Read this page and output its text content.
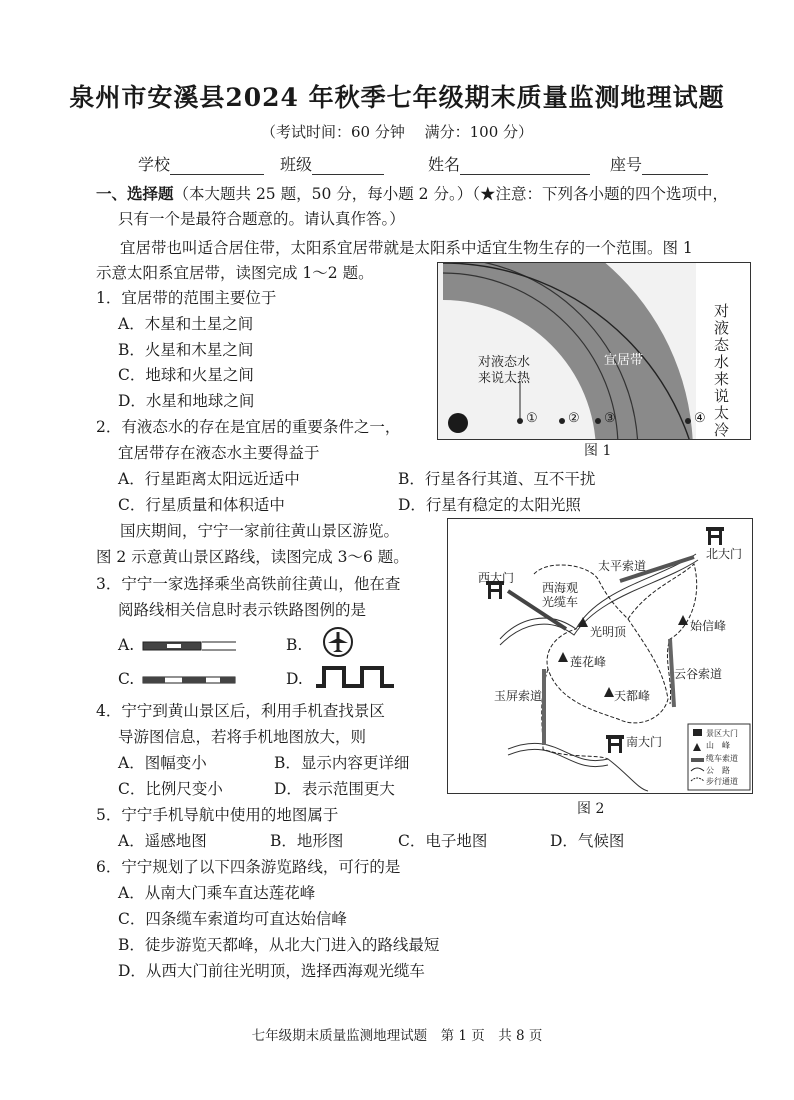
泉州市安溪县2024 年秋季七年级期末质量监测地理试题
（考试时间：60 分钟　 满分：100 分）
学校	班级	姓名	座号
一、选择题（本大题共 25 题，50 分，每小题 2 分。）（★注意：下列各小题的四个选项中，
只有一个是最符合题意的。请认真作答。）
宜居带也叫适合居住带，太阳系宜居带就是太阳系中适宜生物生存的一个范围。图 1
示意太阳系宜居带，读图完成 1～2 题。
对液态水
来说太热
宜居带
① ② ③	④
对
液
态
水
来
说
太
冷
图 1
1．宜居带的范围主要位于
A．木星和土星之间
B．火星和木星之间
C．地球和火星之间
D．水星和地球之间
2．有液态水的存在是宜居的重要条件之一，
宜居带存在液态水主要得益于
A．行星距离太阳远近适中	B．行星各行其道、互不干扰
C．行星质量和体积适中	D．行星有稳定的太阳光照
国庆期间，宁宁一家前往黄山景区游览。
图 2 示意黄山景区路线，读图完成 3～6 题。	北大门
西大门
南大门
太平索道
西海观
光缆车
光明顶	始信峰
莲花峰
云谷索道
玉屏索道	天都峰
景区大门
山　峰
缆车索道
公　路
步行通道
图 2
3．宁宁一家选择乘坐高铁前往黄山，他在查
阅路线相关信息时表示铁路图例的是
A.	B.
C.	D.
4．宁宁到黄山景区后，利用手机查找景区
导游图信息，若将手机地图放大，则
A．图幅变小	B．显示内容更详细
C．比例尺变小	D．表示范围更大
5．宁宁手机导航中使用的地图属于
A．遥感地图	B．地形图	C．电子地图	D．气候图
6．宁宁规划了以下四条游览路线，可行的是
A．从南大门乘车直达莲花峰
C．四条缆车索道均可直达始信峰
B．徒步游览天都峰，从北大门进入的路线最短
D．从西大门前往光明顶，选择西海观光缆车
七年级期末质量监测地理试题　第 1 页　共 8 页
